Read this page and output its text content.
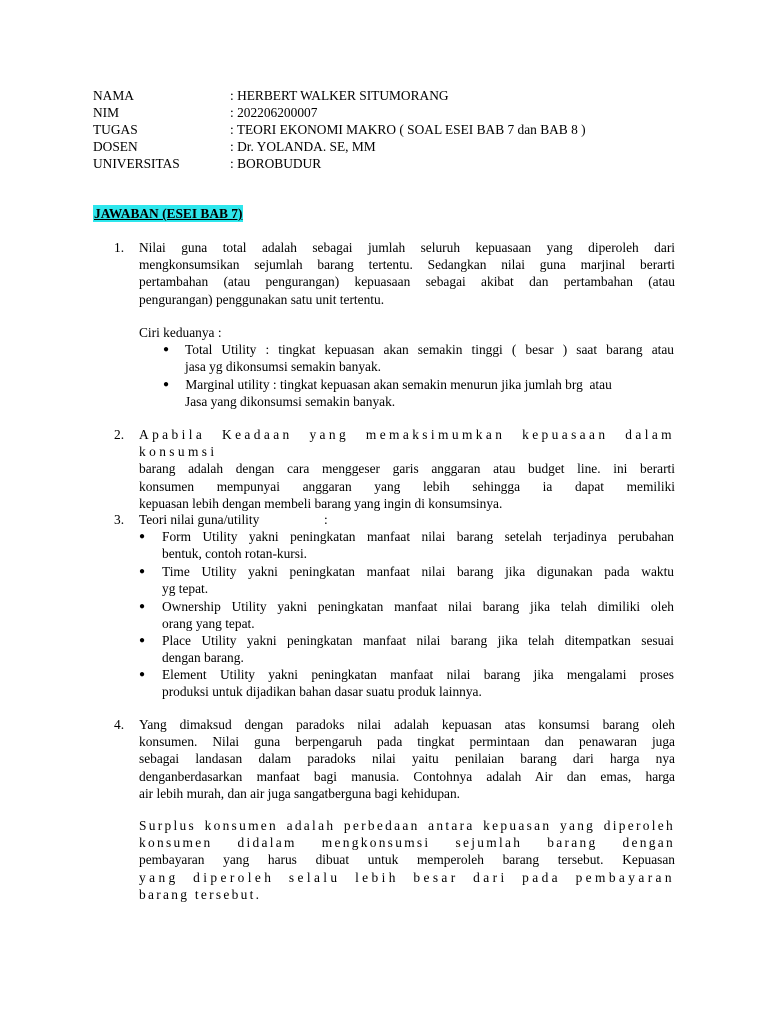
NAMA	: HERBERT WALKER SITUMORANG
NIM	: 202206200007
TUGAS	: TEORI EKONOMI MAKRO ( SOAL ESEI BAB 7 dan BAB 8 )
DOSEN	: Dr. YOLANDA. SE, MM
UNIVERSITAS	: BOROBUDUR
JAWABAN (ESEI BAB 7)
1. Nilai guna total adalah sebagai jumlah seluruh kepuasaan yang diperoleh dari
mengkonsumsikan sejumlah barang tertentu. Sedangkan nilai guna marjinal berarti
pertambahan (atau pengurangan) kepuasaan sebagai akibat dan pertambahan (atau
pengurangan) penggunakan satu unit tertentu.
Ciri keduanya :
● Total Utility : tingkat kepuasan akan semakin tinggi ( besar ) saat barang atau
jasa yg dikonsumsi semakin banyak.
● Marginal utility : tingkat kepuasan akan semakin menurun jika jumlah brg  atau
Jasa yang dikonsumsi semakin banyak.
2. Apabila Keadaan yang memaksimumkan kepuasaan dalam konsumsi
barang adalah dengan cara menggeser garis anggaran atau budget line. ini berarti
konsumen mempunyai anggaran yang lebih sehingga ia dapat memiliki
kepuasan lebih dengan membeli barang yang ingin di konsumsinya.
3. Teori nilai guna/utility	:
● Form Utility yakni peningkatan manfaat nilai barang setelah terjadinya perubahan
bentuk, contoh rotan-kursi.
● Time Utility yakni peningkatan manfaat nilai barang jika digunakan pada waktu
yg tepat.
● Ownership Utility yakni peningkatan manfaat nilai barang jika telah dimiliki oleh
orang yang tepat.
● Place Utility yakni peningkatan manfaat nilai barang jika telah ditempatkan sesuai
dengan barang.
● Element Utility yakni peningkatan manfaat nilai barang jika mengalami proses
produksi untuk dijadikan bahan dasar suatu produk lainnya.
4. Yang dimaksud dengan paradoks nilai adalah kepuasan atas konsumsi barang oleh
konsumen. Nilai guna berpengaruh pada tingkat permintaan dan penawaran juga
sebagai landasan dalam paradoks nilai yaitu penilaian barang dari harga nya
denganberdasarkan manfaat bagi manusia. Contohnya adalah Air dan emas, harga
air lebih murah, dan air juga sangatberguna bagi kehidupan.
Surplus konsumen adalah perbedaan antara kepuasan yang diperoleh
konsumen didalam mengkonsumsi sejumlah barang dengan
pembayaran yang harus dibuat untuk memperoleh barang tersebut. Kepuasan
yang diperoleh selalu lebih besar dari pada pembayaran
barang tersebut.
